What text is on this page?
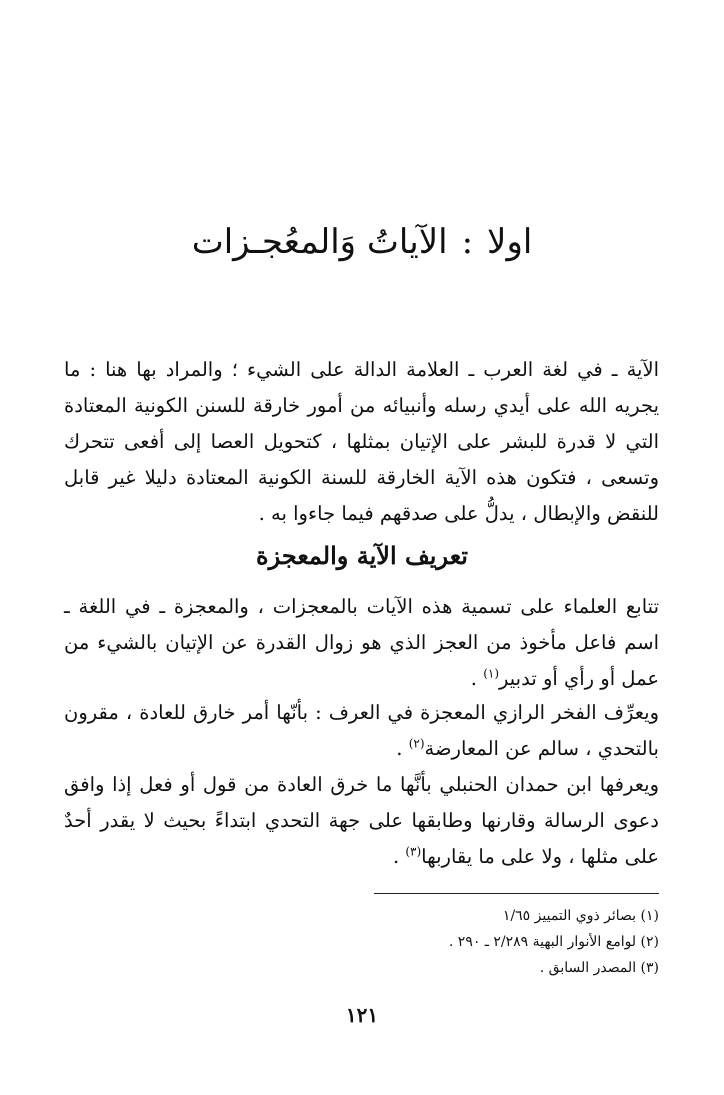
اولا:الآياتُ وَالمعُجـزات

الآية ـ في لغة العرب ـ العلامة الدالة على الشيء ؛ والمراد بها هنا : ما يجريه الله على أيدي رسله وأنبيائه من أمور خارقة للسنن الكونية المعتادة التي لا قدرة للبشر على الإتيان بمثلها ، كتحويل العصا إلى أفعى تتحرك وتسعى ، فتكون هذه الآية الخارقة للسنة الكونية المعتادة دليلا غير قابل للنقض والإبطال ، يدلُّ على صدقهم فيما جاءوا به .

تعريف الآية والمعجزة

تتابع العلماء على تسمية هذه الآيات بالمعجزات ، والمعجزة ـ في اللغة ـ اسم فاعل مأخوذ من العجز الذي هو زوال القدرة عن الإتيان بالشيء من عمل أو رأي أو تدبير$^{(١)}$ .

ويعرِّف الفخر الرازي المعجزة في العرف : بأنّها أمر خارق للعادة ، مقرون بالتحدي ، سالم عن المعارضة$^{(٢)}$ .

ويعرفها ابن حمدان الحنبلي بأنَّها ما خرق العادة من قول أو فعل إذا وافق دعوى الرسالة وقارنها وطابقها على جهة التحدي ابتداءً بحيث لا يقدر أحدٌ على مثلها ، ولا على ما يقاربها$^{(٣)}$ .

(١) بصائر ذوي التمييز ١/٦٥
(٢) لوامع الأنوار البهية ٢/٢٨٩ ـ ٢٩٠ .
(٣) المصدر السابق .
١٢١
